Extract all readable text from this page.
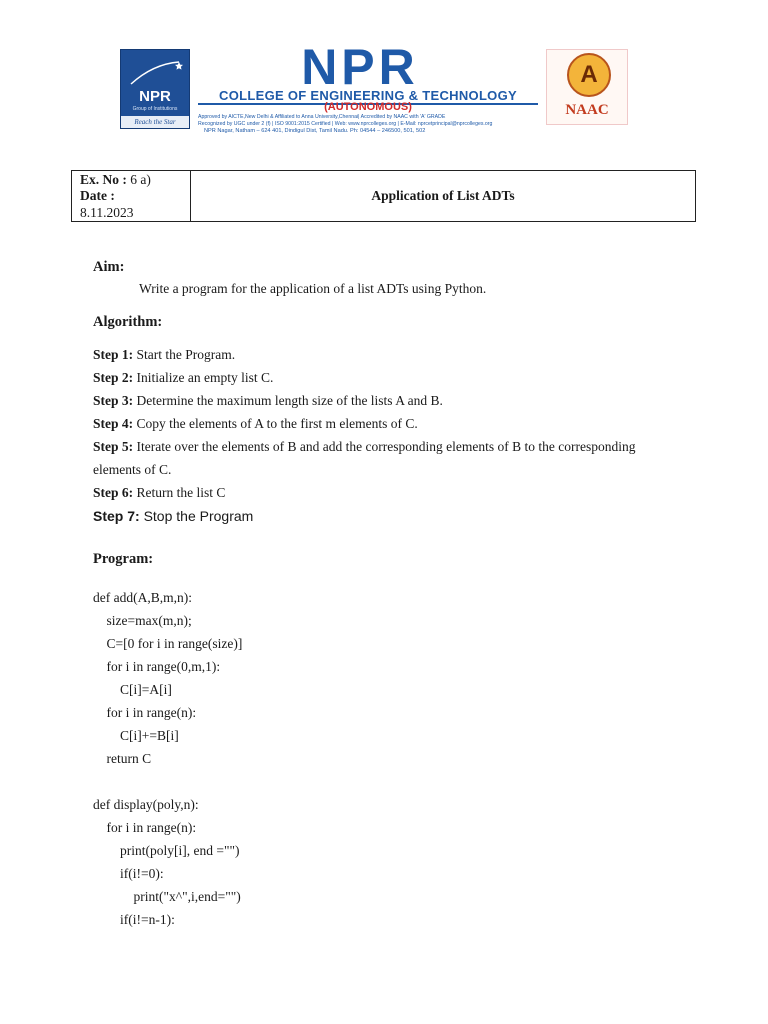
NPR
Group of Institutions
Reach the Star
NPR
COLLEGE OF ENGINEERING & TECHNOLOGY
(AUTONOMOUS)
Approved by AICTE,New Delhi & Affiliated to Anna University,Chennai| Accredited by NAAC with 'A' GRADE
Recognized by UGC under 2 (f) | ISO 9001:2015 Certified | Web: www.nprcolleges.org | E-Mail: nprcetprincipal@nprcolleges.org
NPR Nagar, Natham – 624 401, Dindigul Dist, Tamil Nadu. Ph: 04544 – 246500, 501, 502
A
NAAC
Ex. No : 6 a)
Date :
8.11.2023
Application of List ADTs
Aim:
Write a program for the application of a list ADTs using Python.
Algorithm:
Step 1: Start the Program.
Step 2: Initialize an empty list C.
Step 3: Determine the maximum length size of the lists A and B.
Step 4: Copy the elements of A to the first m elements of C.
Step 5: Iterate over the elements of B and add the corresponding elements of B to the corresponding
elements of C.
Step 6: Return the list C
Step 7: Stop the Program
Program:
def add(A,B,m,n):
size=max(m,n);
C=[0 for i in range(size)]
for i in range(0,m,1):
C[i]=A[i]
for i in range(n):
C[i]+=B[i]
return C
def display(poly,n):
for i in range(n):
print(poly[i], end ="")
if(i!=0):
print("x^",i,end="")
if(i!=n-1):
